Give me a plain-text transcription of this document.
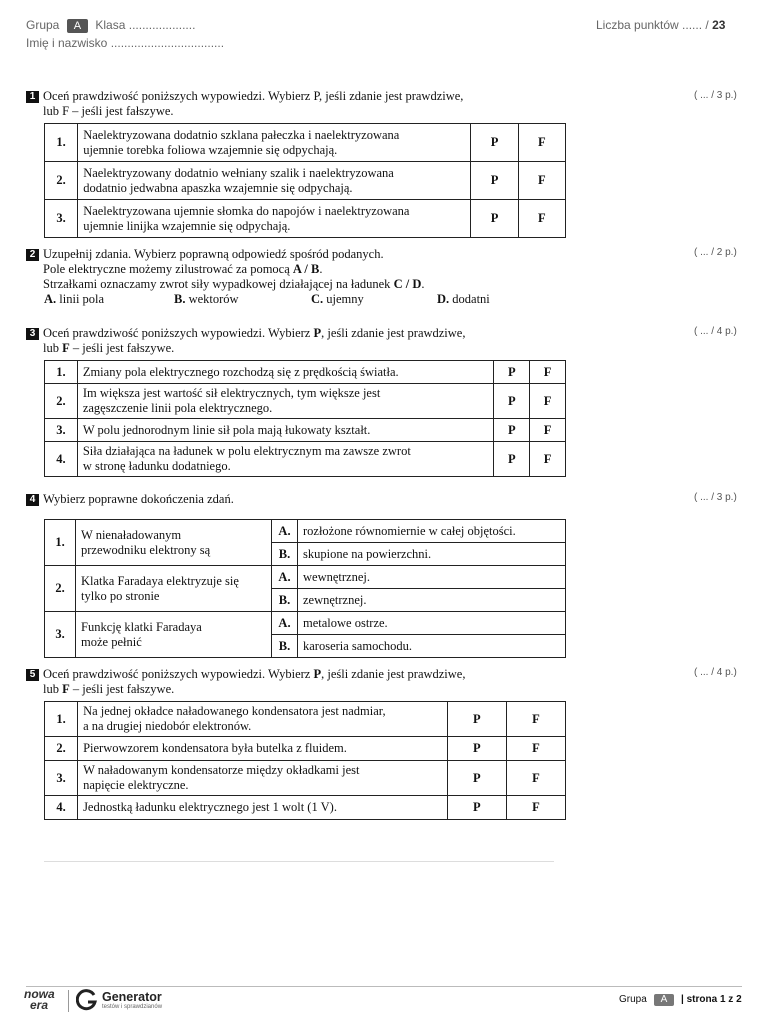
Grupa A Klasa ....................
Imię i nazwisko ..................................
Liczba punktów ...... / 23
1 Oceń prawdziwość poniższych wypowiedzi. Wybierz P, jeśli zdanie jest prawdziwe,
lub F – jeśli jest fałszywe.
( ... / 3 p.)
1.	Naelektryzowana dodatnio szklana pałeczka i naelektryzowana
ujemnie torebka foliowa wzajemnie się odpychają.	P	F
2.	Naelektryzowany dodatnio wełniany szalik i naelektryzowana
dodatnio jedwabna apaszka wzajemnie się odpychają.	P	F
3.	Naelektryzowana ujemnie słomka do napojów i naelektryzowana
ujemnie linijka wzajemnie się odpychają.	P	F
2 Uzupełnij zdania. Wybierz poprawną odpowiedź spośród podanych.
Pole elektryczne możemy zilustrować za pomocą A / B.
Strzałkami oznaczamy zwrot siły wypadkowej działającej na ładunek C / D.
A. linii pola	B. wektorów	C. ujemny	D. dodatni
( ... / 2 p.)
3 Oceń prawdziwość poniższych wypowiedzi. Wybierz P, jeśli zdanie jest prawdziwe,
lub F – jeśli jest fałszywe.
( ... / 4 p.)
1.	Zmiany pola elektrycznego rozchodzą się z prędkością światła.	P	F
2.	Im większa jest wartość sił elektrycznych, tym większe jest
zagęszczenie linii pola elektrycznego.	P	F
3.	W polu jednorodnym linie sił pola mają łukowaty kształt.	P	F
4.	Siła działająca na ładunek w polu elektrycznym ma zawsze zwrot
w stronę ładunku dodatniego.	P	F
4 Wybierz poprawne dokończenia zdań.	( ... / 3 p.)
1.	W nienaładowanym
przewodniku elektrony są	A.	rozłożone równomiernie w całej objętości.
		B.	skupione na powierzchni.
2.	Klatka Faradaya elektryzuje się
tylko po stronie	A.	wewnętrznej.
		B.	zewnętrznej.
3.	Funkcję klatki Faradaya
może pełnić	A.	metalowe ostrze.
		B.	karoseria samochodu.
5 Oceń prawdziwość poniższych wypowiedzi. Wybierz P, jeśli zdanie jest prawdziwe,
lub F – jeśli jest fałszywe.
( ... / 4 p.)
1.	Na jednej okładce naładowanego kondensatora jest nadmiar,
a na drugiej niedobór elektronów.	P	F
2.	Pierwowzorem kondensatora była butelka z fluidem.	P	F
3.	W naładowanym kondensatorze między okładkami jest
napięcie elektryczne.	P	F
4.	Jednostką ładunku elektrycznego jest 1 wolt (1 V).	P	F
nowa
era
Generator
testów i sprawdzianów
Grupa A | strona 1 z 2
